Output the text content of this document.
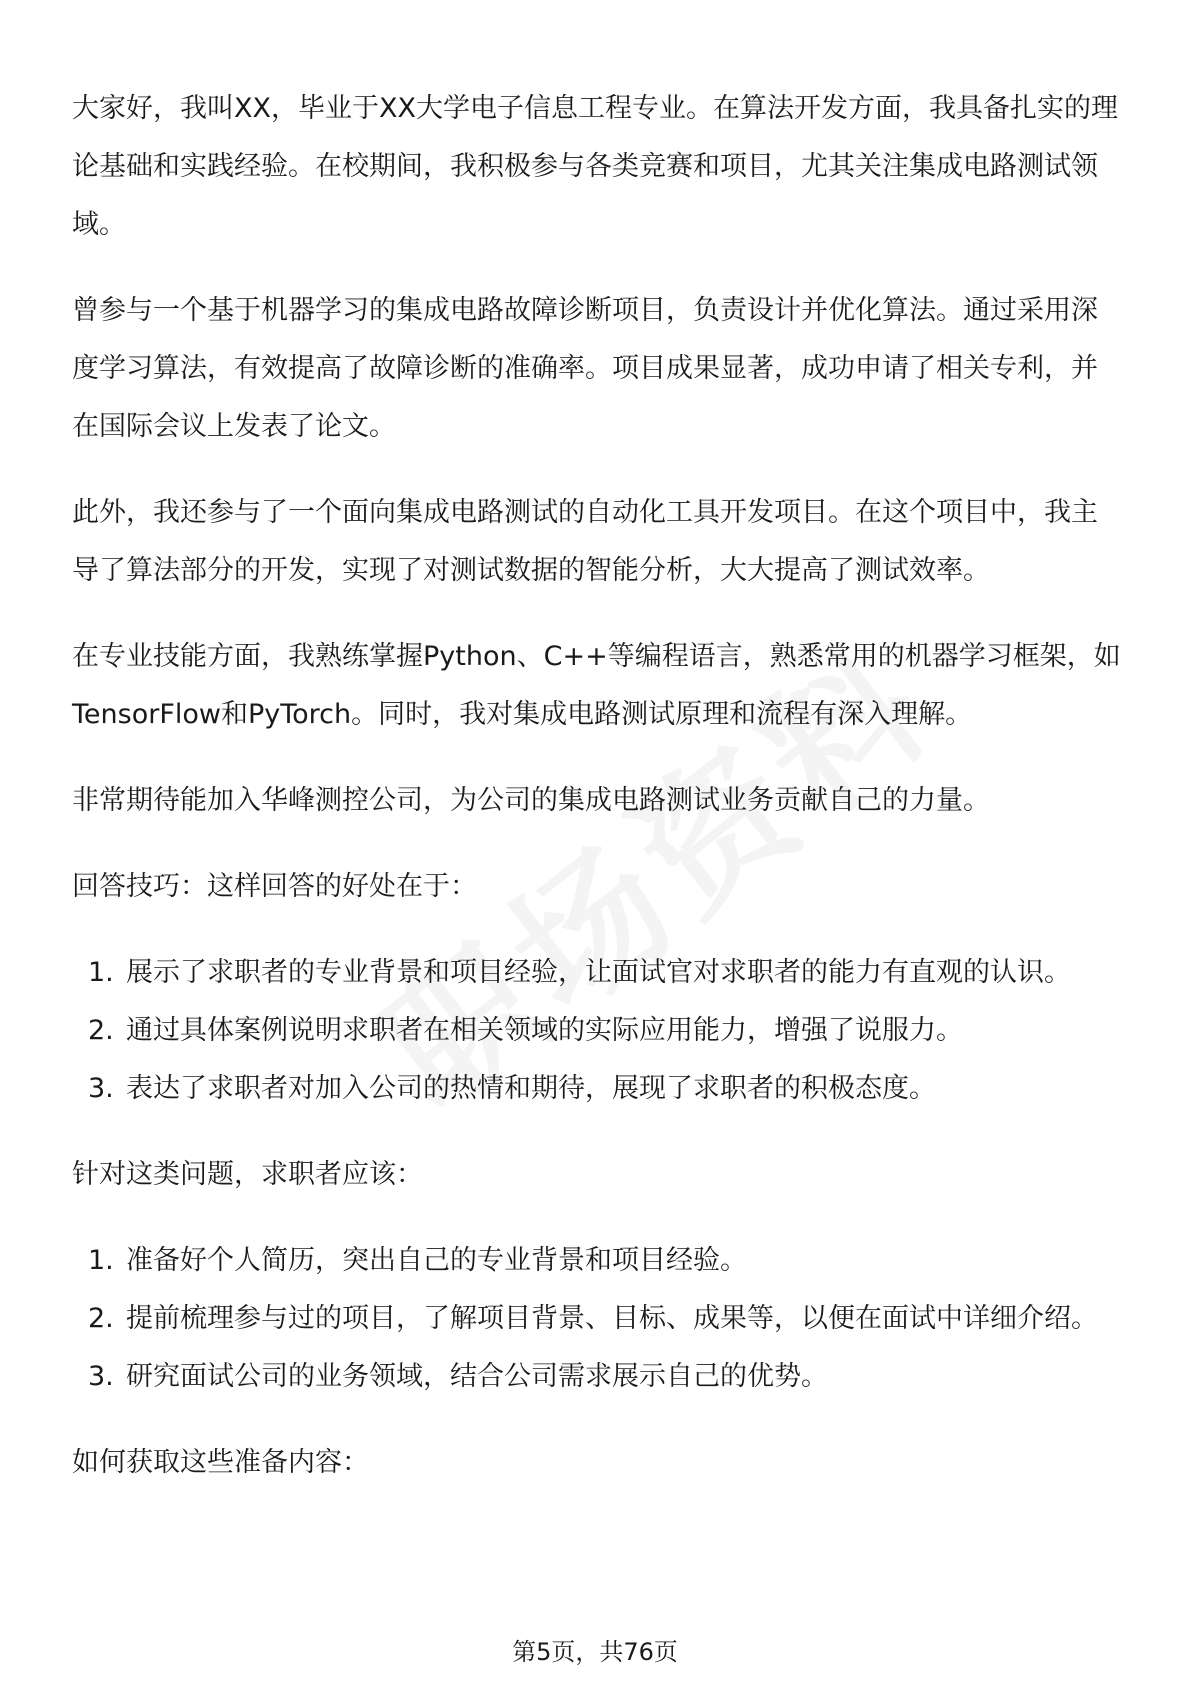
大家好，我叫XX，毕业于XX大学电子信息工程专业。在算法开发方面，我具备扎实的理论基础和实践经验。在校期间，我积极参与各类竞赛和项目，尤其关注集成电路测试领域。

曾参与一个基于机器学习的集成电路故障诊断项目，负责设计并优化算法。通过采用深度学习算法，有效提高了故障诊断的准确率。项目成果显著，成功申请了相关专利，并在国际会议上发表了论文。

此外，我还参与了一个面向集成电路测试的自动化工具开发项目。在这个项目中，我主导了算法部分的开发，实现了对测试数据的智能分析，大大提高了测试效率。

在专业技能方面，我熟练掌握Python、C++等编程语言，熟悉常用的机器学习框架，如TensorFlow和PyTorch。同时，我对集成电路测试原理和流程有深入理解。

非常期待能加入华峰测控公司，为公司的集成电路测试业务贡献自己的力量。

回答技巧：这样回答的好处在于：

1. 展示了求职者的专业背景和项目经验，让面试官对求职者的能力有直观的认识。
2. 通过具体案例说明求职者在相关领域的实际应用能力，增强了说服力。
3. 表达了求职者对加入公司的热情和期待，展现了求职者的积极态度。

针对这类问题，求职者应该：

1. 准备好个人简历，突出自己的专业背景和项目经验。
2. 提前梳理参与过的项目，了解项目背景、目标、成果等，以便在面试中详细介绍。
3. 研究面试公司的业务领域，结合公司需求展示自己的优势。

如何获取这些准备内容：

第5页，共76页
